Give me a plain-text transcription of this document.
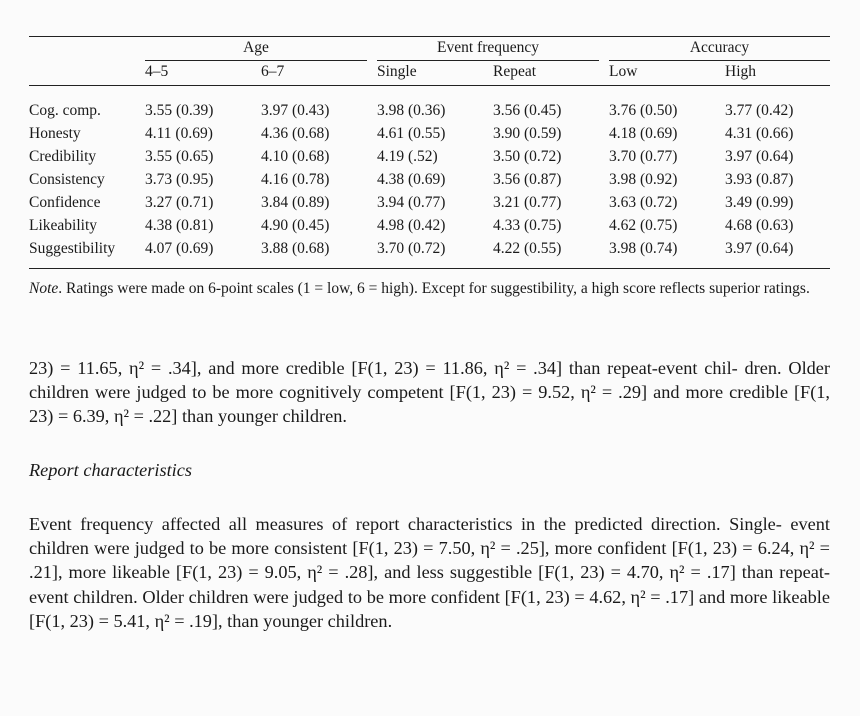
	Age			Event frequency			Accuracy	
	4–5	6–7		Single	Repeat		Low	High

Cog. comp.	3.55 (0.39)	3.97 (0.43)		3.98 (0.36)	3.56 (0.45)		3.76 (0.50)	3.77 (0.42)
Honesty	4.11 (0.69)	4.36 (0.68)		4.61 (0.55)	3.90 (0.59)		4.18 (0.69)	4.31 (0.66)
Credibility	3.55 (0.65)	4.10 (0.68)		4.19 (.52)	3.50 (0.72)		3.70 (0.77)	3.97 (0.64)
Consistency	3.73 (0.95)	4.16 (0.78)		4.38 (0.69)	3.56 (0.87)		3.98 (0.92)	3.93 (0.87)
Confidence	3.27 (0.71)	3.84 (0.89)		3.94 (0.77)	3.21 (0.77)		3.63 (0.72)	3.49 (0.99)
Likeability	4.38 (0.81)	4.90 (0.45)		4.98 (0.42)	4.33 (0.75)		4.62 (0.75)	4.68 (0.63)
Suggestibility	4.07 (0.69)	3.88 (0.68)		3.70 (0.72)	4.22 (0.55)		3.98 (0.74)	3.97 (0.64)

Note. Ratings were made on 6-point scales (1 = low, 6 = high). Except for suggestibility, a high score reflects superior ratings.

23) = 11.65, η² = .34], and more credible [F(1, 23) = 11.86, η² = .34] than repeat-event chil- dren. Older children were judged to be more cognitively competent [F(1, 23) = 9.52, η² = .29] and more credible [F(1, 23) = 6.39, η² = .22] than younger children.

Report characteristics

Event frequency affected all measures of report characteristics in the predicted direction. Single- event children were judged to be more consistent [F(1, 23) = 7.50, η² = .25], more confident [F(1, 23) = 6.24, η² = .21], more likeable [F(1, 23) = 9.05, η² = .28], and less suggestible [F(1, 23) = 4.70, η² = .17] than repeat-event children. Older children were judged to be more confident [F(1, 23) = 4.62, η² = .17] and more likeable [F(1, 23) = 5.41, η² = .19], than younger children.
